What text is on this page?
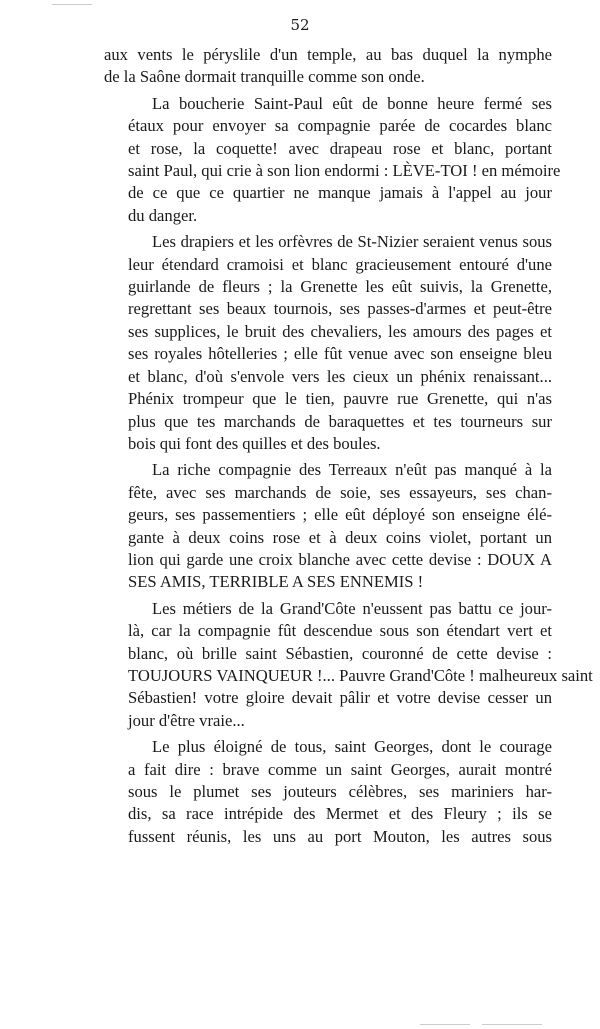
52
aux vents le péryslile d'un temple, au bas duquel la nymphe
de la Saône dormait tranquille comme son onde.
La boucherie Saint-Paul eût de bonne heure fermé ses
étaux pour envoyer sa compagnie parée de cocardes blanc
et rose, la coquette! avec drapeau rose et blanc, portant
saint Paul, qui crie à son lion endormi : LÈVE-TOI ! en mémoire
de ce que ce quartier ne manque jamais à l'appel au jour
du danger.
Les drapiers et les orfèvres de St-Nizier seraient venus sous
leur étendard cramoisi et blanc gracieusement entouré d'une
guirlande de fleurs ; la Grenette les eût suivis, la Grenette,
regrettant ses beaux tournois, ses passes-d'armes et peut-être
ses supplices, le bruit des chevaliers, les amours des pages et
ses royales hôtelleries ; elle fût venue avec son enseigne bleu
et blanc, d'où s'envole vers les cieux un phénix renaissant...
Phénix trompeur que le tien, pauvre rue Grenette, qui n'as
plus que tes marchands de baraquettes et tes tourneurs sur
bois qui font des quilles et des boules.
La riche compagnie des Terreaux n'eût pas manqué à la
fête, avec ses marchands de soie, ses essayeurs, ses chan-
geurs, ses passementiers ; elle eût déployé son enseigne élé-
gante à deux coins rose et à deux coins violet, portant un
lion qui garde une croix blanche avec cette devise : DOUX A
SES AMIS, TERRIBLE A SES ENNEMIS !
Les métiers de la Grand'Côte n'eussent pas battu ce jour-
là, car la compagnie fût descendue sous son étendart vert et
blanc, où brille saint Sébastien, couronné de cette devise :
TOUJOURS VAINQUEUR !... Pauvre Grand'Côte ! malheureux saint
Sébastien! votre gloire devait pâlir et votre devise cesser un
jour d'être vraie...
Le plus éloigné de tous, saint Georges, dont le courage
a fait dire : brave comme un saint Georges, aurait montré
sous le plumet ses jouteurs célèbres, ses mariniers har-
dis, sa race intrépide des Mermet et des Fleury ; ils se
fussent réunis, les uns au port Mouton, les autres sous
